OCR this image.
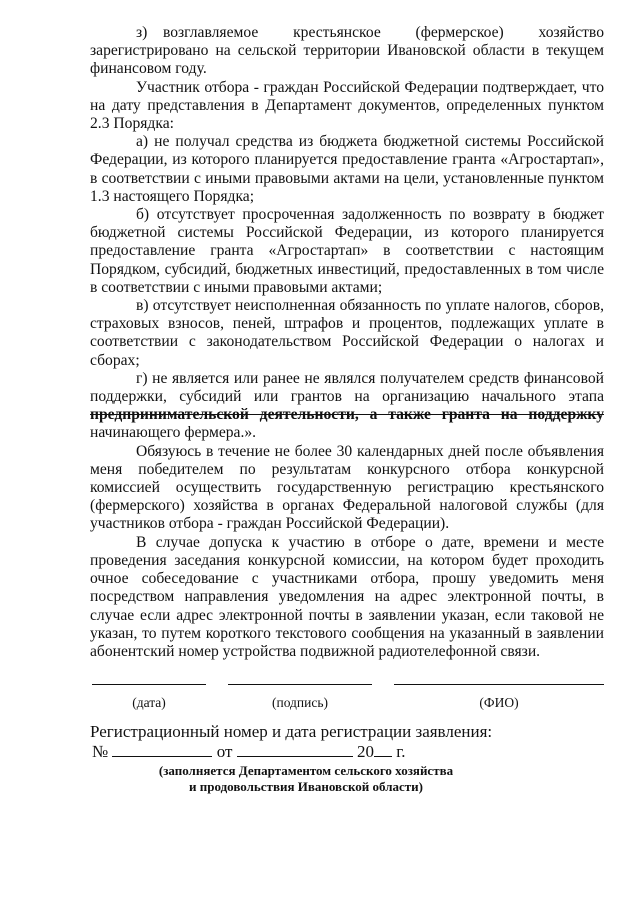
з) возглавляемое крестьянское (фермерское) хозяйство зарегистрировано на сельской территории Ивановской области в текущем финансовом году.

Участник отбора - граждан Российской Федерации подтверждает, что на дату представления в Департамент документов, определенных пунктом 2.3 Порядка:

а) не получал средства из бюджета бюджетной системы Российской Федерации, из которого планируется предоставление гранта «Агростартап», в соответствии с иными правовыми актами на цели, установленные пунктом 1.3 настоящего Порядка;

б) отсутствует просроченная задолженность по возврату в бюджет бюджетной системы Российской Федерации, из которого планируется предоставление гранта «Агростартап» в соответствии с настоящим Порядком, субсидий, бюджетных инвестиций, предоставленных в том числе в соответствии с иными правовыми актами;

в) отсутствует неисполненная обязанность по уплате налогов, сборов, страховых взносов, пеней, штрафов и процентов, подлежащих уплате в соответствии с законодательством Российской Федерации о налогах и сборах;

г) не является или ранее не являлся получателем средств финансовой поддержки, субсидий или грантов на организацию начального этапа предпринимательской деятельности, а также гранта на поддержку начинающего фермера.».

Обязуюсь в течение не более 30 календарных дней после объявления меня победителем по результатам конкурсного отбора конкурсной комиссией осуществить государственную регистрацию крестьянского (фермерского) хозяйства в органах Федеральной налоговой службы (для участников отбора - граждан Российской Федерации).

В случае допуска к участию в отборе о дате, времени и месте проведения заседания конкурсной комиссии, на котором будет проходить очное собеседование с участниками отбора, прошу уведомить меня посредством направления уведомления на адрес электронной почты, в случае если адрес электронной почты в заявлении указан, если таковой не указан, то путем короткого текстового сообщения на указанный в заявлении абонентский номер устройства подвижной радиотелефонной связи.

(дата)	(подпись)	(ФИО)
Регистрационный номер и дата регистрации заявления:
№	от	20 г.
(заполняется Департаментом сельского хозяйства
и продовольствия Ивановской области)
